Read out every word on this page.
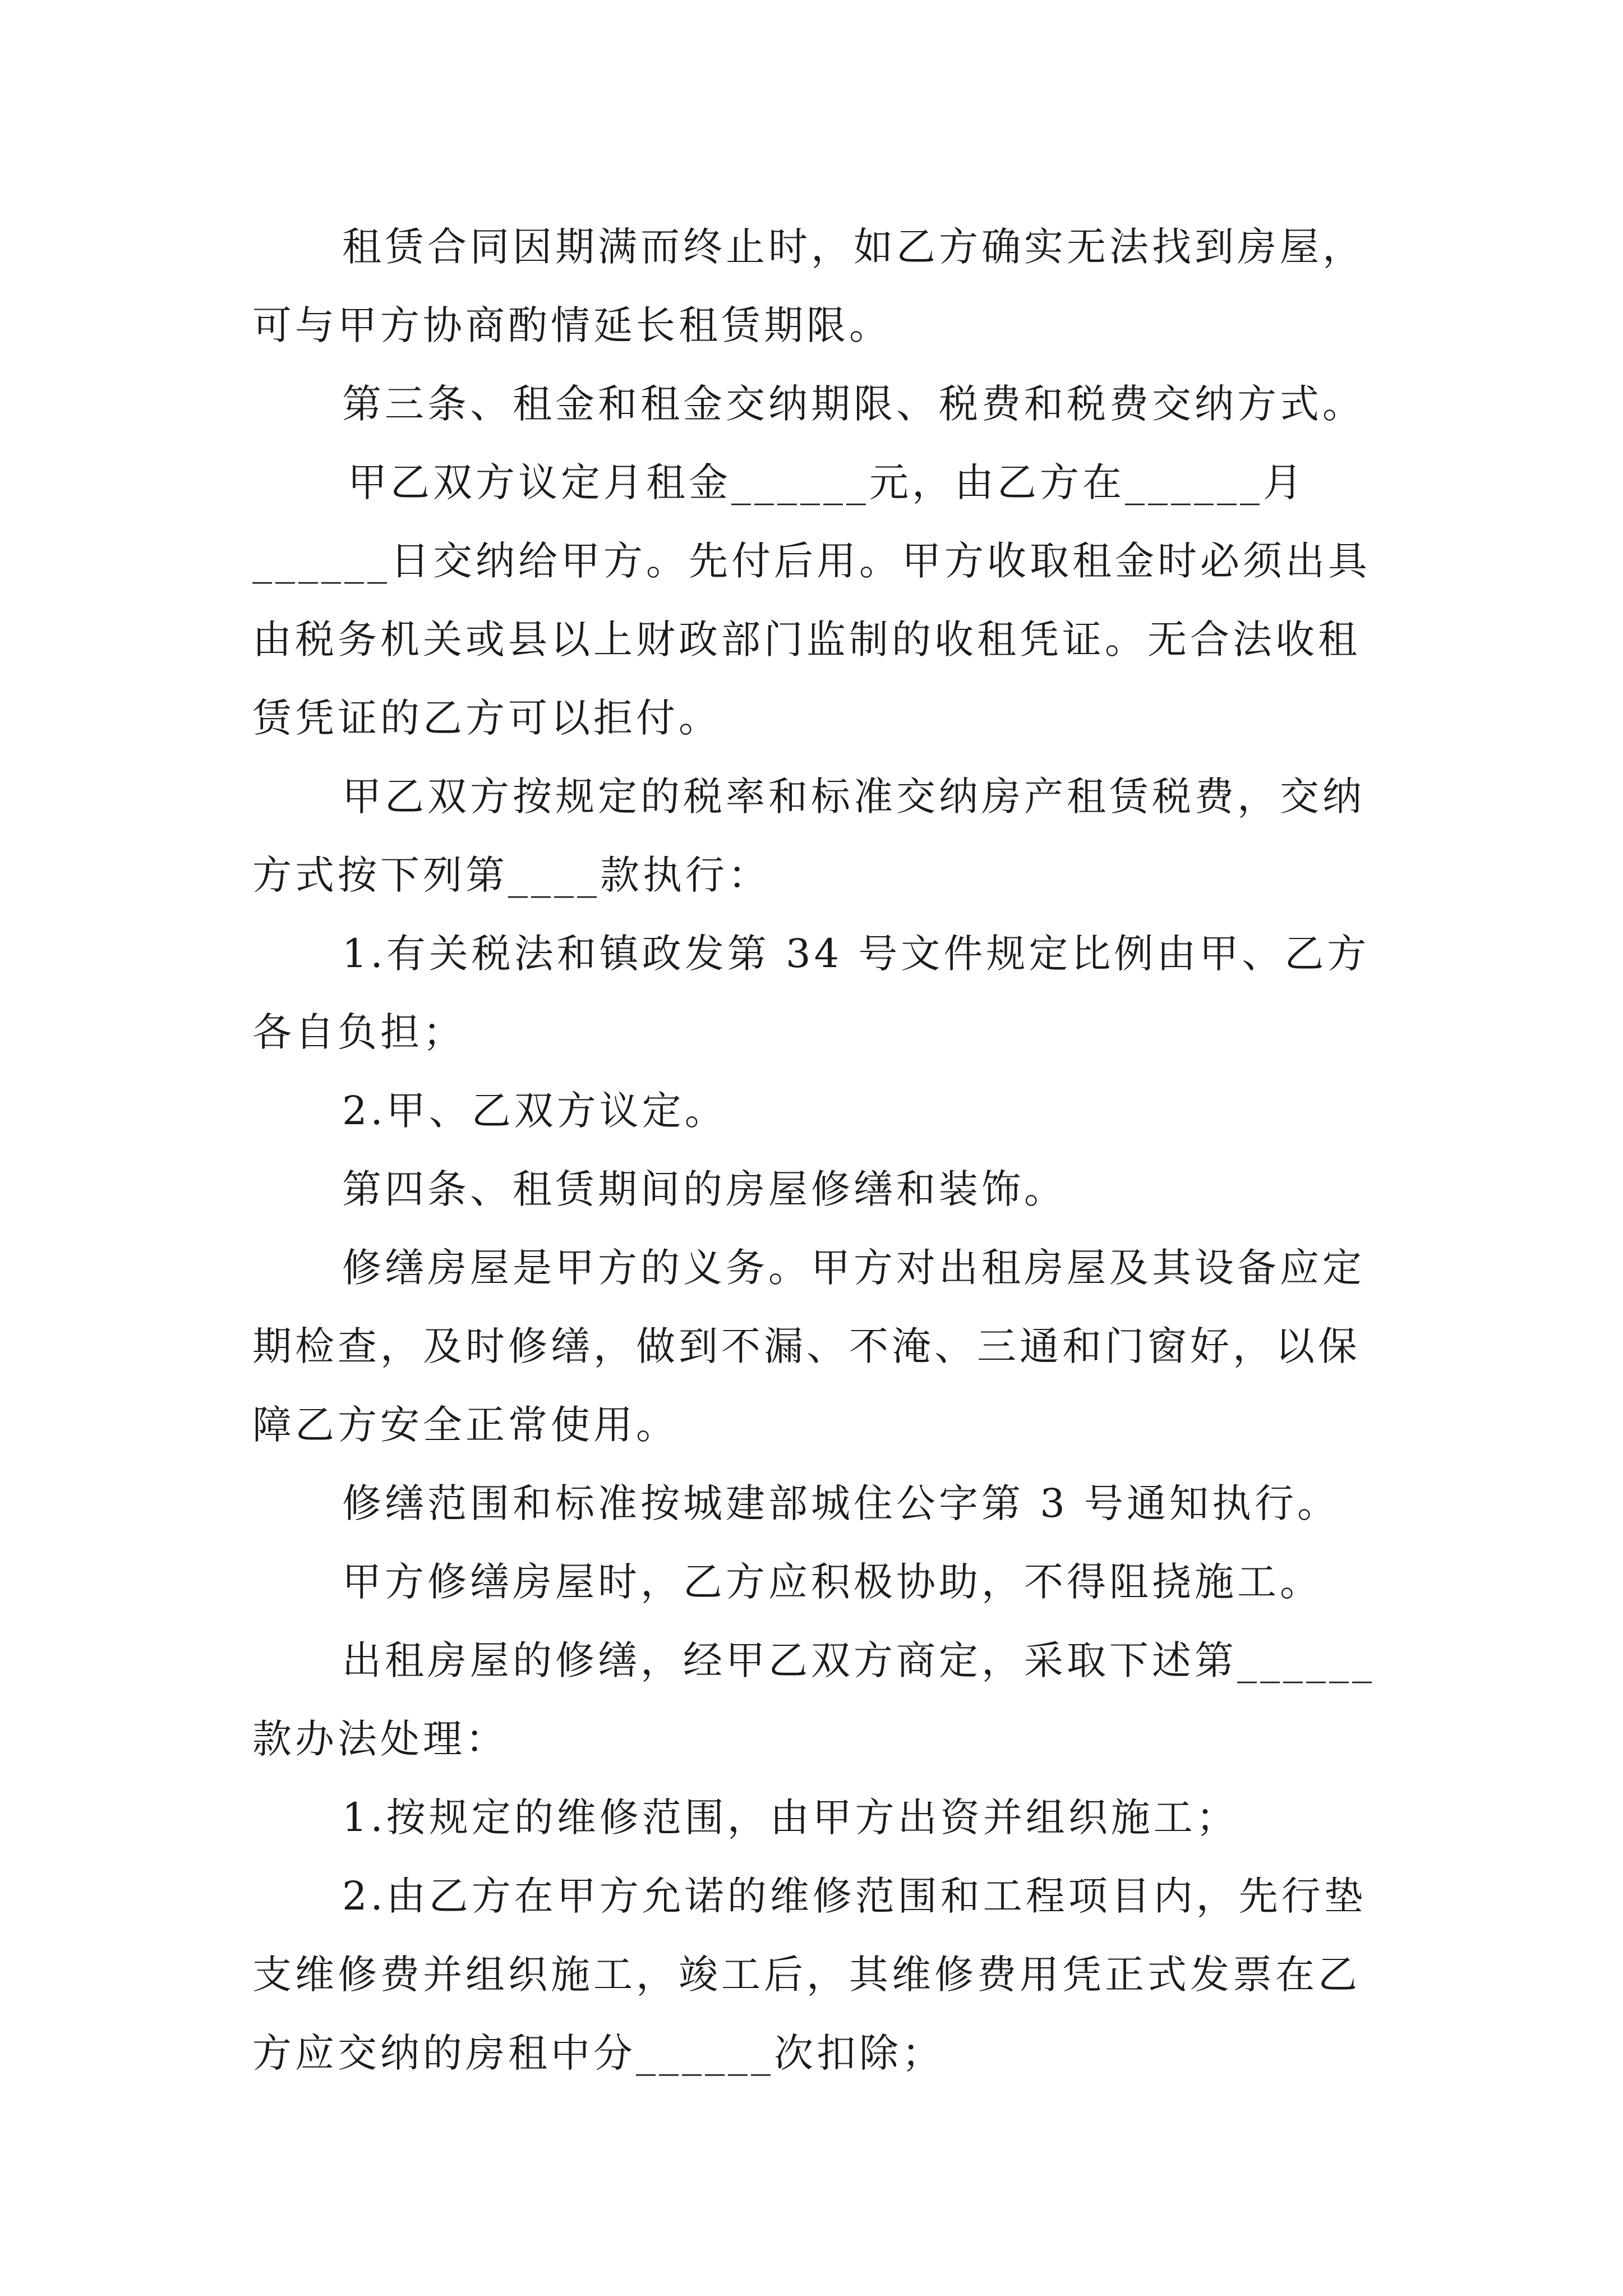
租赁合同因期满而终止时，如乙方确实无法找到房屋，

可与甲方协商酌情延长租赁期限。

第三条、租金和租金交纳期限、税费和税费交纳方式。

甲乙双方议定月租金______元，由乙方在______月

______日交纳给甲方。先付后用。甲方收取租金时必须出具

由税务机关或县以上财政部门监制的收租凭证。无合法收租

赁凭证的乙方可以拒付。

甲乙双方按规定的税率和标准交纳房产租赁税费，交纳

方式按下列第____款执行：

1.有关税法和镇政发第 34 号文件规定比例由甲、乙方

各自负担；

2.甲、乙双方议定。

第四条、租赁期间的房屋修缮和装饰。

修缮房屋是甲方的义务。甲方对出租房屋及其设备应定

期检查，及时修缮，做到不漏、不淹、三通和门窗好，以保

障乙方安全正常使用。

修缮范围和标准按城建部城住公字第 3 号通知执行。

甲方修缮房屋时，乙方应积极协助，不得阻挠施工。

出租房屋的修缮，经甲乙双方商定，采取下述第______

款办法处理：

1.按规定的维修范围，由甲方出资并组织施工；

2.由乙方在甲方允诺的维修范围和工程项目内，先行垫

支维修费并组织施工，竣工后，其维修费用凭正式发票在乙

方应交纳的房租中分______次扣除；
